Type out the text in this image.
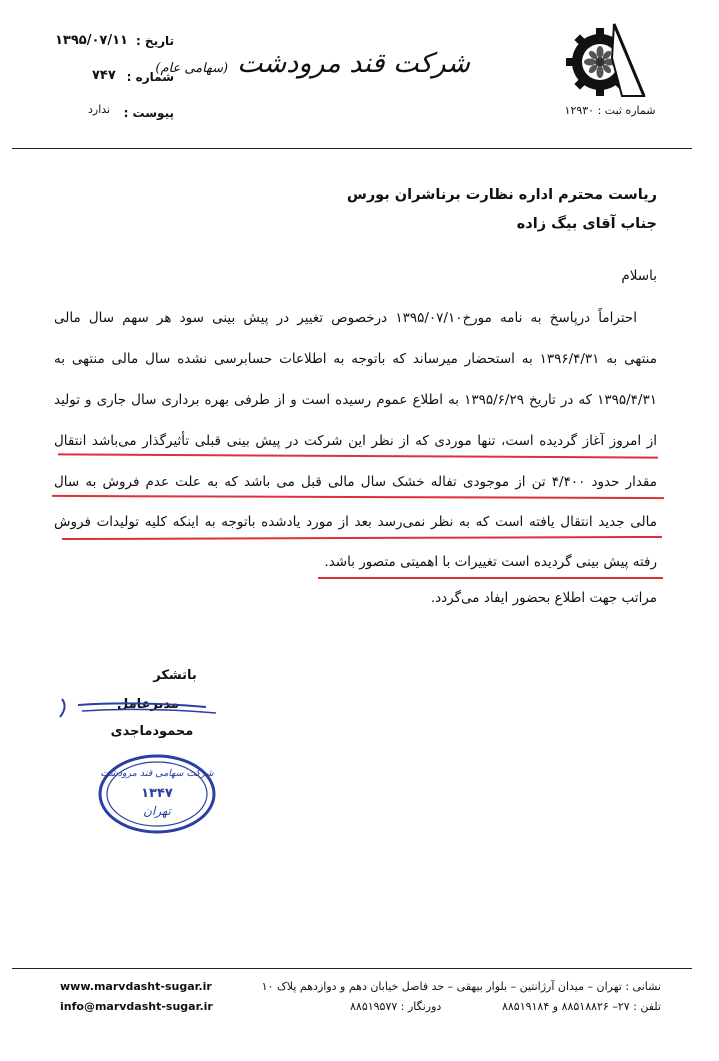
شماره ثبت : ۱۲۹۳۰
شرکت قند مرودشت (سهامی عام)
تاریخ :
۱۳۹۵/۰۷/۱۱
شماره :
۷۴۷
پیوست :
ندارد
ریاست محترم اداره نظارت برناشران بورس
جناب آقای بیگ زاده
باسلام
احتراماً درپاسخ به نامه مورخ۱۳۹۵/۰۷/۱۰ درخصوص تغییر در پیش بینی سود هر سهم سال مالی
منتهی به ۱۳۹۶/۴/۳۱ به استحضار میرساند که باتوجه به اطلاعات حسابرسی نشده سال مالی منتهی به
۱۳۹۵/۴/۳۱ که در تاریخ ۱۳۹۵/۶/۲۹ به اطلاع عموم رسیده است و از طرفی بهره برداری سال جاری و تولید
از امروز آغاز گردیده است، تنها موردی که از نظر این شرکت در پیش بینی قبلی تأثیرگذار می‌باشد انتقال
مقدار حدود ۴/۴۰۰ تن از موجودی تفاله خشک سال مالی قبل می باشد که به علت عدم فروش به سال
مالی جدید انتقال یافته است که به نظر نمی‌رسد بعد از مورد یادشده باتوجه به اینکه کلیه تولیدات فروش
رفته پیش بینی گردیده است تغییرات با اهمیتی متصور باشد.
مراتب جهت اطلاع بحضور ایفاد می‌گردد.
باتشکر
مدیرعامل
محمودماجدی
شرکت سهامی قند مرودشت
۱۳۴۷
تهران
نشانی : تهران – میدان آرژانتین – بلوار بیهقی – حد فاصل خیابان دهم و دوازدهم پلاک ۱۰
تلفن : ۲۷– ۸۸۵۱۸۸۲۶ و ۸۸۵۱۹۱۸۴
دورنگار : ۸۸۵۱۹۵۷۷
www.marvdasht-sugar.ir
info@marvdasht-sugar.ir
